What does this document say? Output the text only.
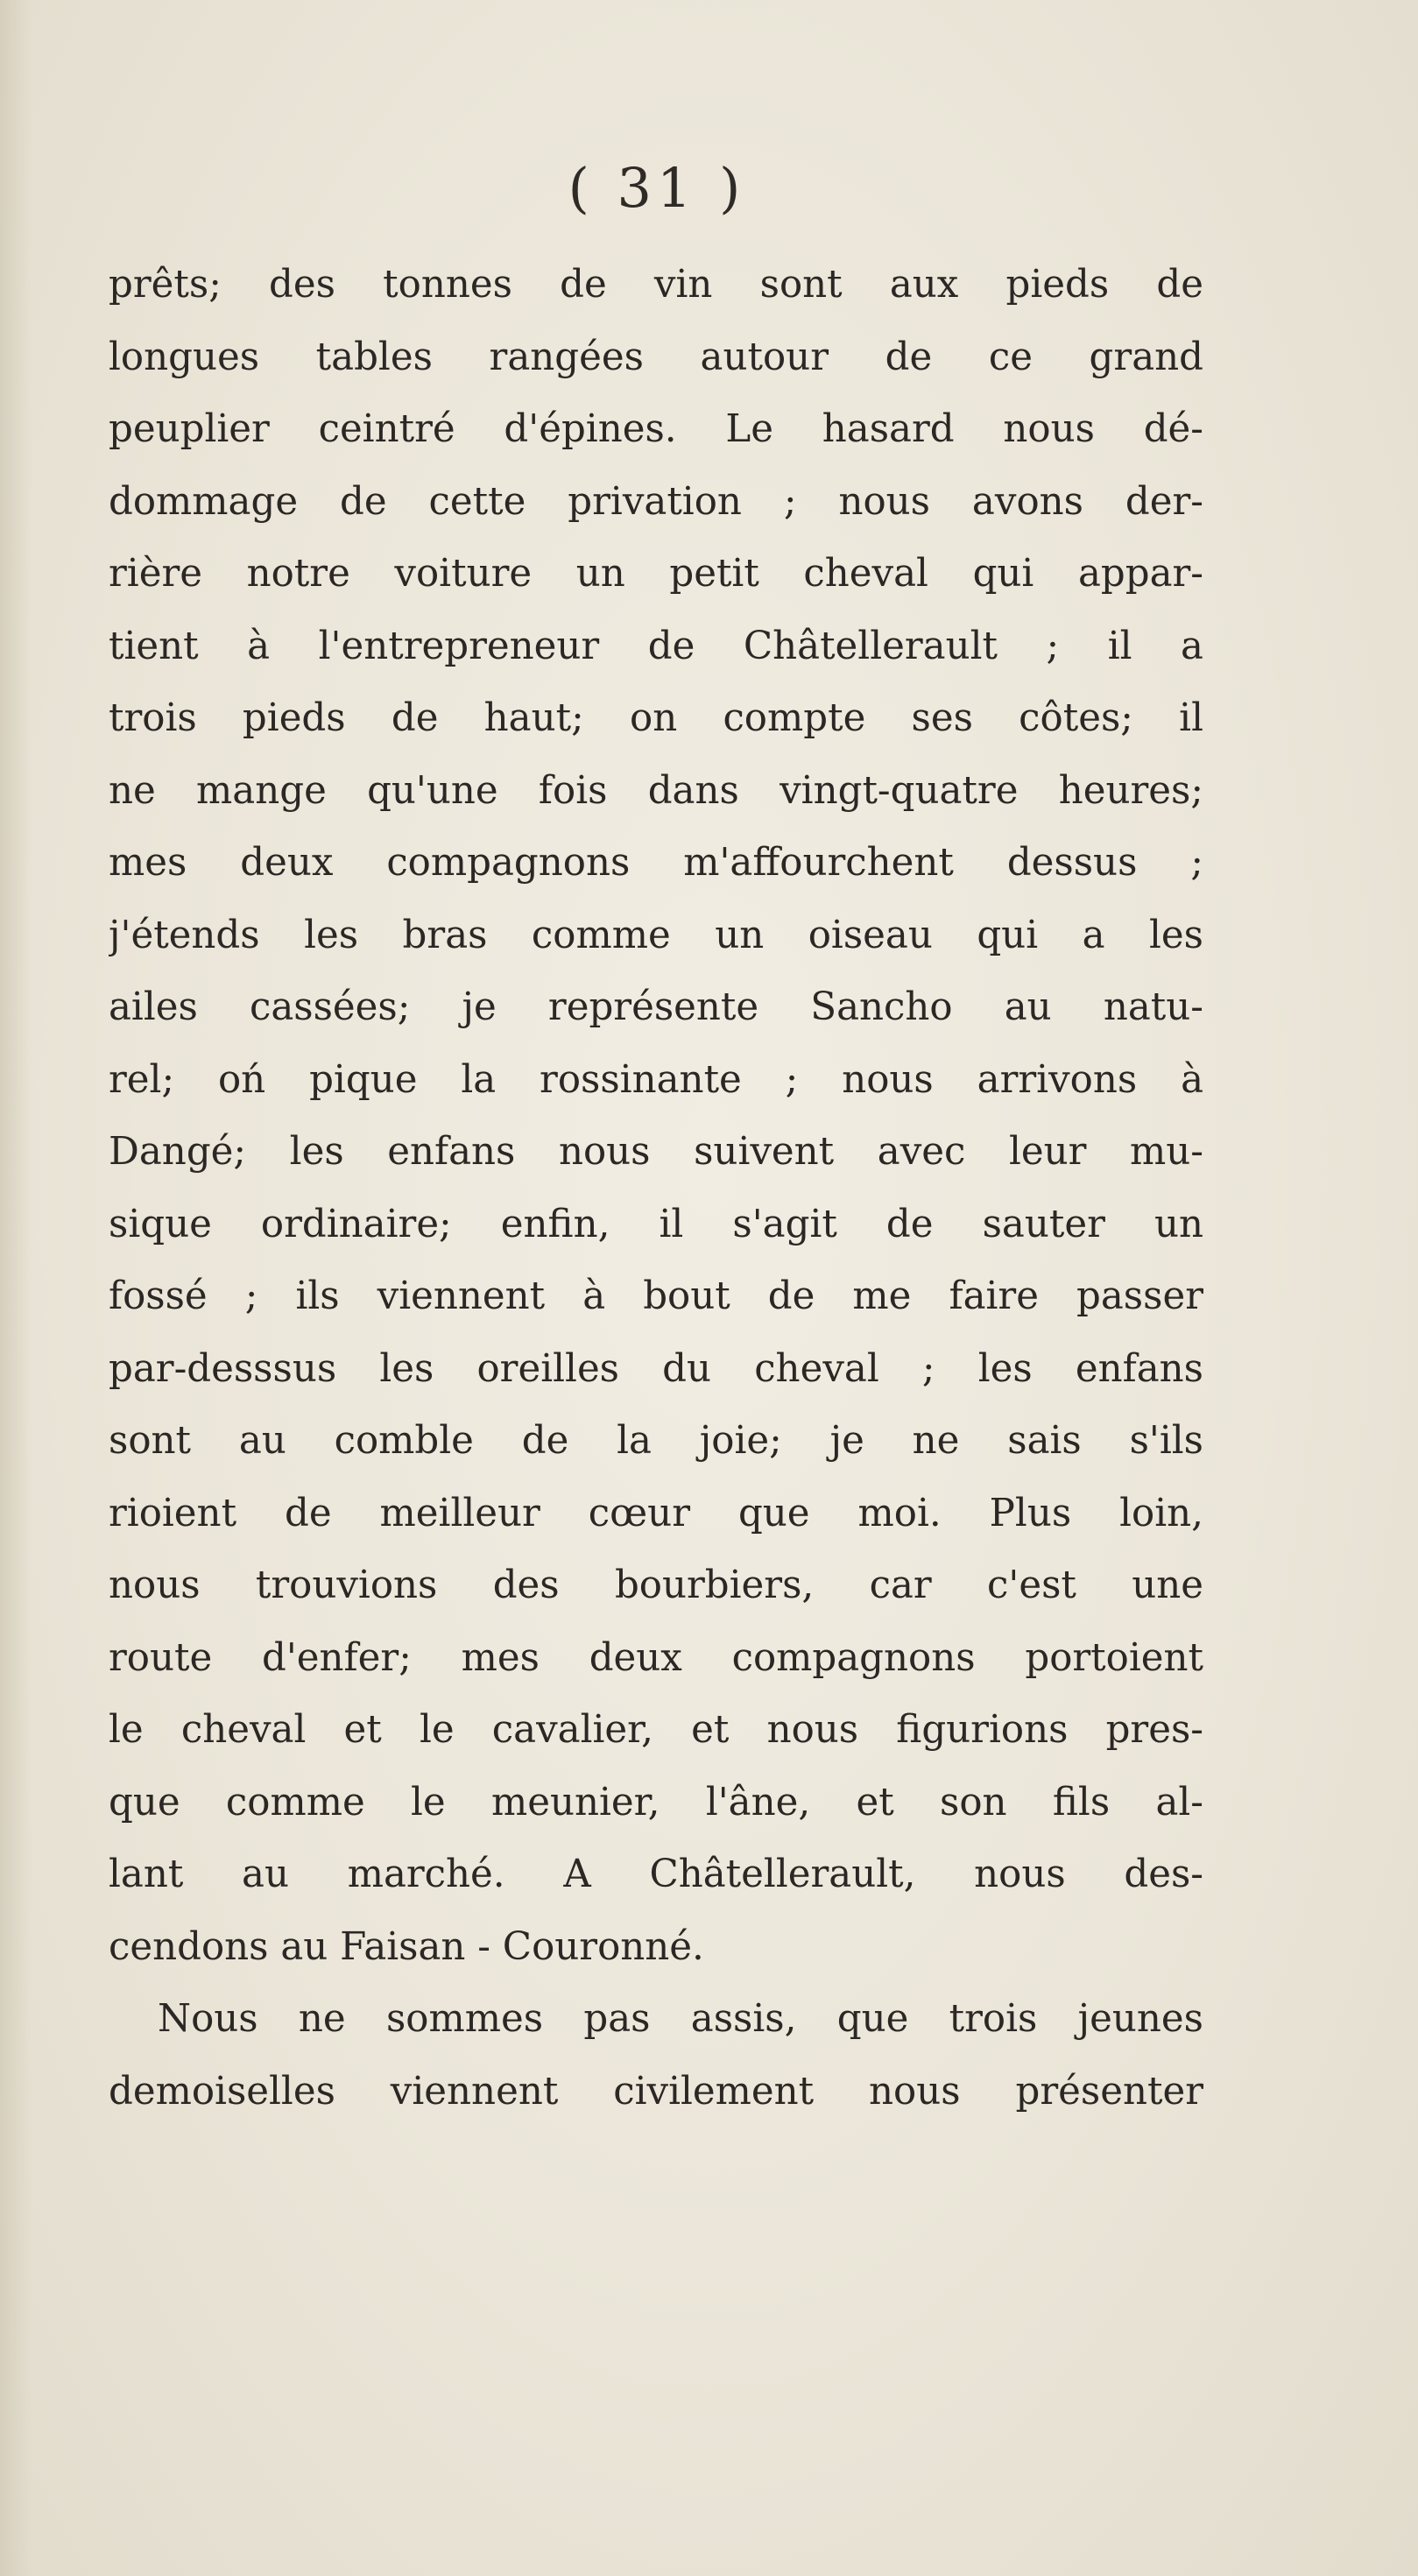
( 31 )
prêts; des tonnes de vin sont aux pieds de
longues tables rangées autour de ce grand
peuplier ceintré d'épines. Le hasard nous dé-
dommage de cette privation ; nous avons der-
rière notre voiture un petit cheval qui appar-
tient à l'entrepreneur de Châtellerault ; il a
trois pieds de haut; on compte ses côtes; il
ne mange qu'une fois dans vingt-quatre heures;
mes deux compagnons m'affourchent dessus ;
j'étends les bras comme un oiseau qui a les
ailes cassées; je représente Sancho au natu-
rel; oń pique la rossinante ; nous arrivons à
Dangé; les enfans nous suivent avec leur mu-
sique ordinaire; enfin, il s'agit de sauter un
fossé ; ils viennent à bout de me faire passer
par-desssus les oreilles du cheval ; les enfans
sont au comble de la joie; je ne sais s'ils
rioient de meilleur cœur que moi. Plus loin,
nous trouvions des bourbiers, car c'est une
route d'enfer; mes deux compagnons portoient
le cheval et le cavalier, et nous figurions pres-
que comme le meunier, l'âne, et son fils al-
lant au marché. A Châtellerault, nous des-
cendons au Faisan - Couronné.
Nous ne sommes pas assis, que trois jeunes
demoiselles viennent civilement nous présenter
